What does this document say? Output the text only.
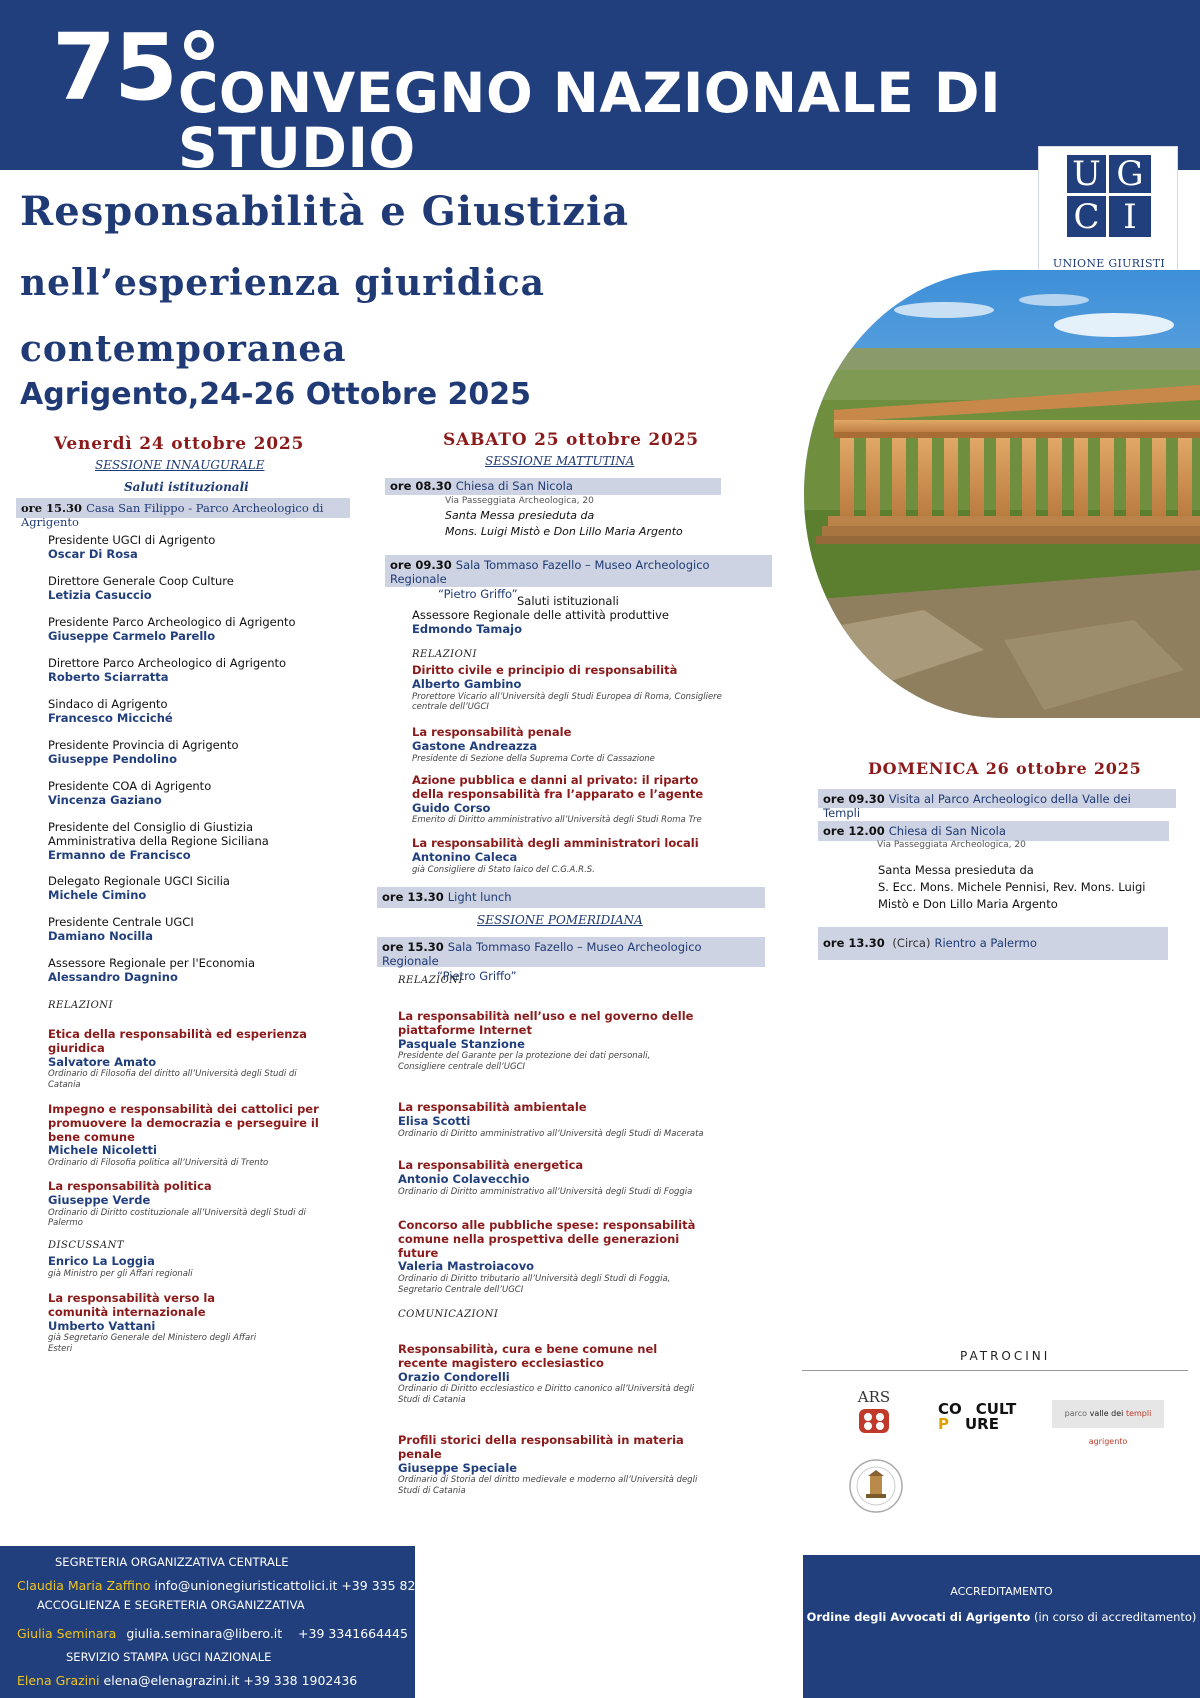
75°
CONVEGNO NAZIONALE DI STUDIO	U G
C I
UNIONE GIURISTI
Responsabilità e Giustizia
nell’esperienza giuridica
contemporanea
Agrigento,24-26 Ottobre 2025
Venerdì 24 ottobre 2025
SESSIONE INNAUGURALE
Saluti istituzionali
ore 15.30 Casa San Filippo - Parco Archeologico di Agrigento
Presidente UGCI di Agrigento
Oscar Di Rosa
Direttore Generale Coop Culture
Letizia Casuccio
Presidente Parco Archeologico di Agrigento
Giuseppe Carmelo Parello
Direttore Parco Archeologico di Agrigento
Roberto Sciarratta
Sindaco di Agrigento
Francesco Micciché
Presidente Provincia di Agrigento
Giuseppe Pendolino
Presidente COA di Agrigento
Vincenza Gaziano
Presidente del Consiglio di Giustizia Amministrativa della Regione Siciliana
Ermanno de Francisco
Delegato Regionale UGCI Sicilia
Michele Cimino
Presidente Centrale UGCI
Damiano Nocilla
Assessore Regionale per l'Economia
Alessandro Dagnino
RELAZIONI
Etica della responsabilità ed esperienza giuridica
Salvatore Amato
Ordinario di Filosofia del diritto all’Università degli Studi di Catania
Impegno e responsabilità dei cattolici per promuovere la democrazia e perseguire il bene comune
Michele Nicoletti
Ordinario di Filosofia politica all’Università di Trento
La responsabilità politica
Giuseppe Verde
Ordinario di Diritto costituzionale all’Università degli Studi di Palermo
DISCUSSANT
Enrico La Loggia
già Ministro per gli Affari regionali
La responsabilità verso la comunità internazionale
Umberto Vattani
già Segretario Generale del Ministero degli Affari Esteri
SABATO 25 ottobre 2025
SESSIONE MATTUTINA
ore 08.30 Chiesa di San Nicola
Via Passeggiata Archeologica, 20
Santa Messa presieduta da
Mons. Luigi Mistò e Don Lillo Maria Argento
ore 09.30 Sala Tommaso Fazello – Museo Archeologico Regionale
“Pietro Griffo”
Saluti istituzionali
Assessore Regionale delle attività produttive
Edmondo Tamajo
RELAZIONI
Diritto civile e principio di responsabilità
Alberto Gambino
Prorettore Vicario all’Università degli Studi Europea di Roma, Consigliere centrale dell’UGCI
La responsabilità penale
Gastone Andreazza
Presidente di Sezione della Suprema Corte di Cassazione
Azione pubblica e danni al privato: il riparto della responsabilità fra l’apparato e l’agente
Guido Corso
Emerito di Diritto amministrativo all’Università degli Studi Roma Tre
La responsabilità degli amministratori locali
Antonino Caleca
già Consigliere di Stato laico del C.G.A.R.S.
ore 13.30 Light lunch
SESSIONE POMERIDIANA
ore 15.30 Sala Tommaso Fazello – Museo Archeologico Regionale
“Pietro Griffo”
RELAZIONI
La responsabilità nell’uso e nel governo delle piattaforme Internet
Pasquale Stanzione
Presidente del Garante per la protezione dei dati personali, Consigliere centrale dell’UGCI
La responsabilità ambientale
Elisa Scotti
Ordinario di Diritto amministrativo all’Università degli Studi di Macerata
La responsabilità energetica
Antonio Colavecchio
Ordinario di Diritto amministrativo all’Università degli Studi di Foggia
Concorso alle pubbliche spese: responsabilità comune nella prospettiva delle generazioni future
Valeria Mastroiacovo
Ordinario di Diritto tributario all’Università degli Studi di Foggia, Segretario Centrale dell’UGCI
COMUNICAZIONI
Responsabilità, cura e bene comune nel recente magistero ecclesiastico
Orazio Condorelli
Ordinario di Diritto ecclesiastico e Diritto canonico all’Università degli Studi di Catania
Profili storici della responsabilità in materia penale
Giuseppe Speciale
Ordinario di Storia del diritto medievale e moderno all’Università degli Studi di Catania
DOMENICA 26 ottobre 2025
ore 09.30 Visita al Parco Archeologico della Valle dei Templi
ore 12.00 Chiesa di San Nicola
Via Passeggiata Archeologica, 20
Santa Messa presieduta da
S. Ecc. Mons. Michele Pennisi, Rev. Mons. Luigi
Mistò e Don Lillo Maria Argento
ore 13.30 (Circa) Rientro a Palermo
PATROCINI
ARS
CO CULT
P URE
parco valle dei templi agrigento
SEGRETERIA ORGANIZZATIVA CENTRALE
Claudia Maria Zaffino info@unionegiuristicattolici.it +39 335 8257267
ACCOGLIENZA E SEGRETERIA ORGANIZZATIVA
Giulia Seminara giulia.seminara@libero.it    +39 3341664445
SERVIZIO STAMPA UGCI NAZIONALE
Elena Grazini elena@elenagrazini.it +39 338 1902436
ACCREDITAMENTO
Ordine degli Avvocati di Agrigento (in corso di accreditamento)
